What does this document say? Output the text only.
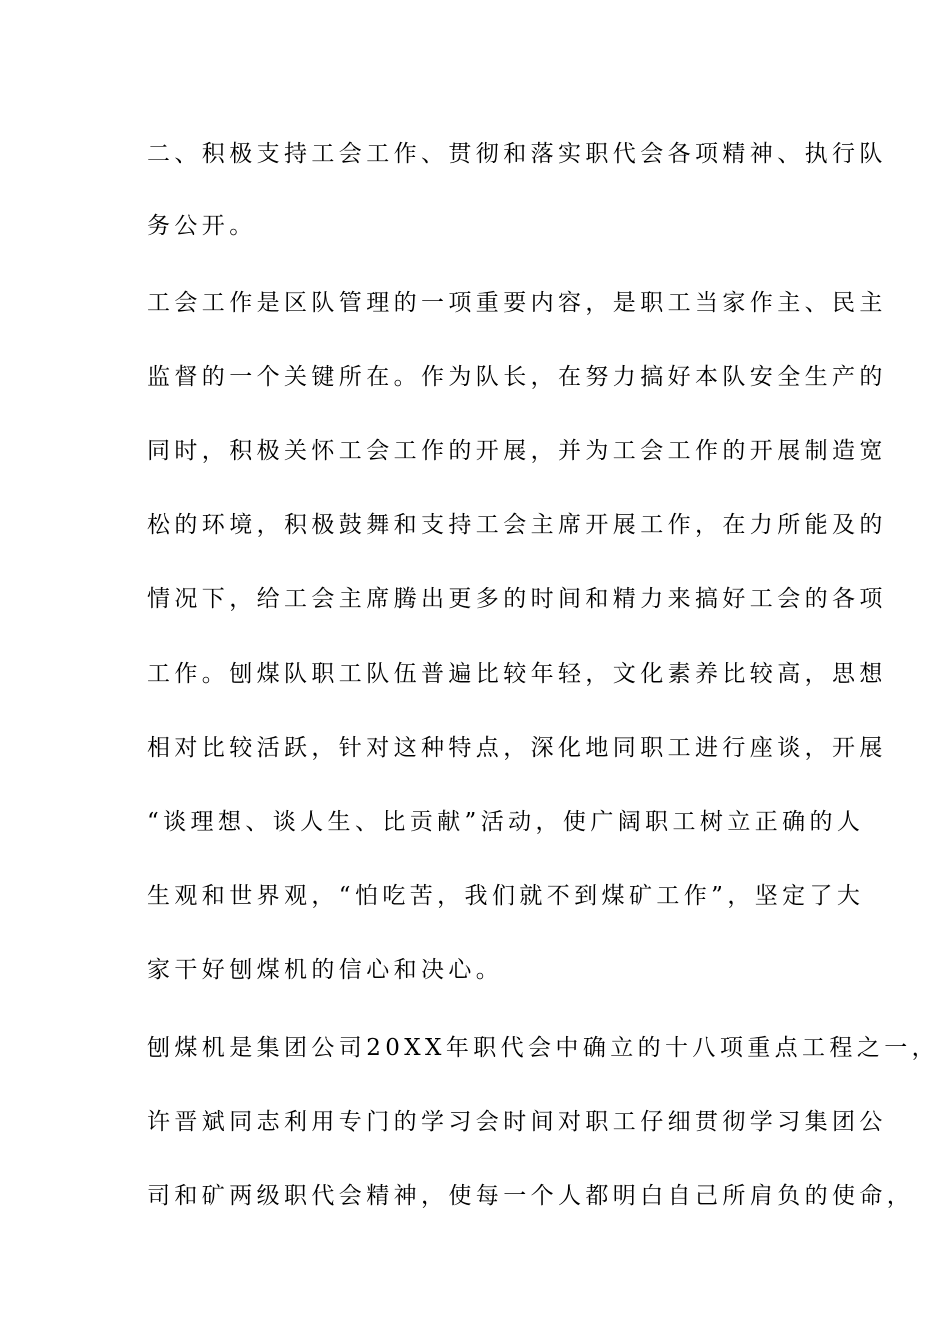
二、积极支持工会工作、贯彻和落实职代会各项精神、执行队
务公开。
工会工作是区队管理的一项重要内容，是职工当家作主、民主
监督的一个关键所在。作为队长，在努力搞好本队安全生产的
同时，积极关怀工会工作的开展，并为工会工作的开展制造宽
松的环境，积极鼓舞和支持工会主席开展工作，在力所能及的
情况下，给工会主席腾出更多的时间和精力来搞好工会的各项
工作。刨煤队职工队伍普遍比较年轻，文化素养比较高，思想
相对比较活跃，针对这种特点，深化地同职工进行座谈，开展
“谈理想、谈人生、比贡献”活动，使广阔职工树立正确的人
生观和世界观，“怕吃苦，我们就不到煤矿工作”，坚定了大
家干好刨煤机的信心和决心。
刨煤机是集团公司20XX年职代会中确立的十八项重点工程之一，
许晋斌同志利用专门的学习会时间对职工仔细贯彻学习集团公
司和矿两级职代会精神，使每一个人都明白自己所肩负的使命，
